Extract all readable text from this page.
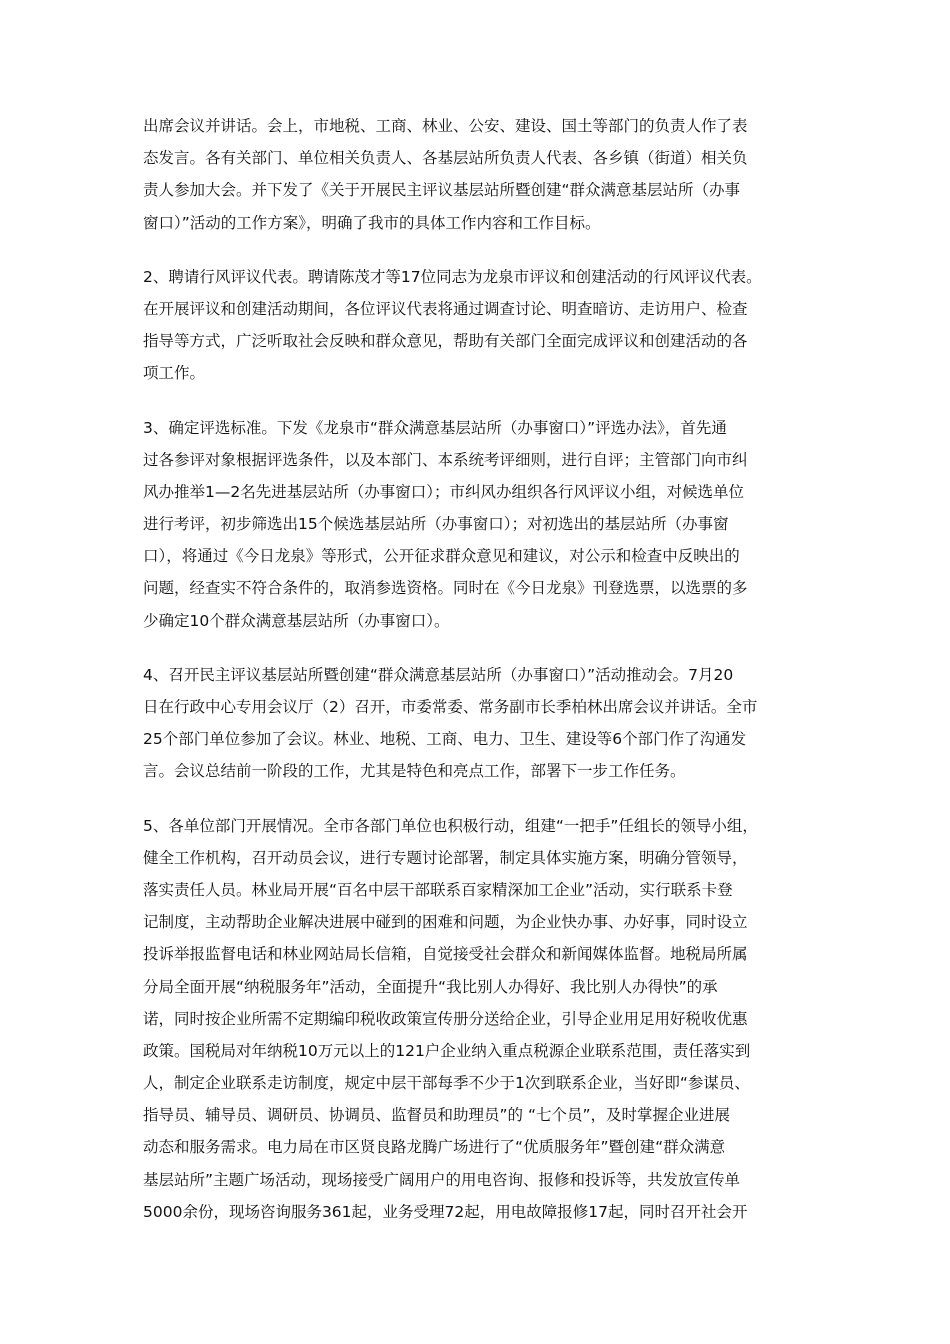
出席会议并讲话。会上，市地税、工商、林业、公安、建设、国土等部门的负责人作了表
态发言。各有关部门、单位相关负责人、各基层站所负责人代表、各乡镇（街道）相关负
责人参加大会。并下发了《关于开展民主评议基层站所暨创建“群众满意基层站所（办事
窗口）”活动的工作方案》，明确了我市的具体工作内容和工作目标。
2、聘请行风评议代表。聘请陈茂才等17位同志为龙泉市评议和创建活动的行风评议代表。
在开展评议和创建活动期间，各位评议代表将通过调查讨论、明查暗访、走访用户、检查
指导等方式，广泛听取社会反映和群众意见，帮助有关部门全面完成评议和创建活动的各
项工作。
3、确定评选标准。下发《龙泉市“群众满意基层站所（办事窗口）”评选办法》，首先通
过各参评对象根据评选条件，以及本部门、本系统考评细则，进行自评；主管部门向市纠
风办推举1—2名先进基层站所（办事窗口）；市纠风办组织各行风评议小组，对候选单位
进行考评，初步筛选出15个候选基层站所（办事窗口）；对初选出的基层站所（办事窗
口），将通过《今日龙泉》等形式，公开征求群众意见和建议，对公示和检查中反映出的
问题，经查实不符合条件的，取消参选资格。同时在《今日龙泉》刊登选票，以选票的多
少确定10个群众满意基层站所（办事窗口）。
4、召开民主评议基层站所暨创建“群众满意基层站所（办事窗口）”活动推动会。7月20
日在行政中心专用会议厅（2）召开，市委常委、常务副市长季柏林出席会议并讲话。全市
25个部门单位参加了会议。林业、地税、工商、电力、卫生、建设等6个部门作了沟通发
言。会议总结前一阶段的工作，尤其是特色和亮点工作，部署下一步工作任务。
5、各单位部门开展情况。全市各部门单位也积极行动，组建“一把手”任组长的领导小组，
健全工作机构，召开动员会议，进行专题讨论部署，制定具体实施方案，明确分管领导，
落实责任人员。林业局开展“百名中层干部联系百家精深加工企业”活动，实行联系卡登
记制度，主动帮助企业解决进展中碰到的困难和问题，为企业快办事、办好事，同时设立
投诉举报监督电话和林业网站局长信箱，自觉接受社会群众和新闻媒体监督。地税局所属
分局全面开展“纳税服务年”活动，全面提升“我比别人办得好、我比别人办得快”的承
诺，同时按企业所需不定期编印税收政策宣传册分送给企业，引导企业用足用好税收优惠
政策。国税局对年纳税10万元以上的121户企业纳入重点税源企业联系范围，责任落实到
人，制定企业联系走访制度，规定中层干部每季不少于1次到联系企业，当好即“参谋员、
指导员、辅导员、调研员、协调员、监督员和助理员”的 “七个员”，及时掌握企业进展
动态和服务需求。电力局在市区贤良路龙腾广场进行了“优质服务年”暨创建“群众满意
基层站所”主题广场活动，现场接受广阔用户的用电咨询、报修和投诉等，共发放宣传单
5000余份，现场咨询服务361起，业务受理72起，用电故障报修17起，同时召开社会开
